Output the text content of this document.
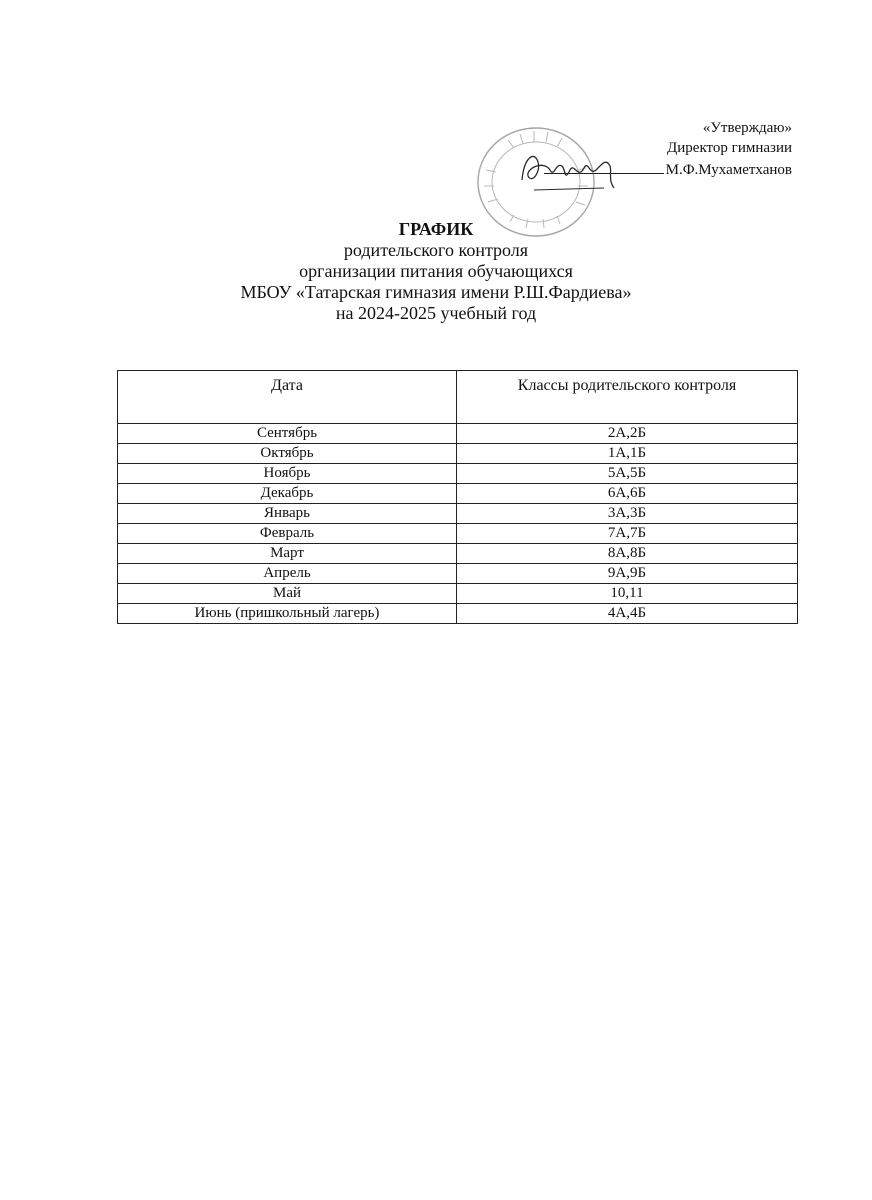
«Утверждаю»
Директор гимназии
М.Ф.Мухаметханов
ГРАФИК
родительского контроля
организации питания обучающихся
МБОУ «Татарская гимназия имени Р.Ш.Фардиева»
на 2024-2025 учебный год
Дата	Классы родительского контроля
Сентябрь	2А,2Б
Октябрь	1А,1Б
Ноябрь	5А,5Б
Декабрь	6А,6Б
Январь	3А,3Б
Февраль	7А,7Б
Март	8А,8Б
Апрель	9А,9Б
Май	10,11
Июнь (пришкольный лагерь)	4А,4Б
